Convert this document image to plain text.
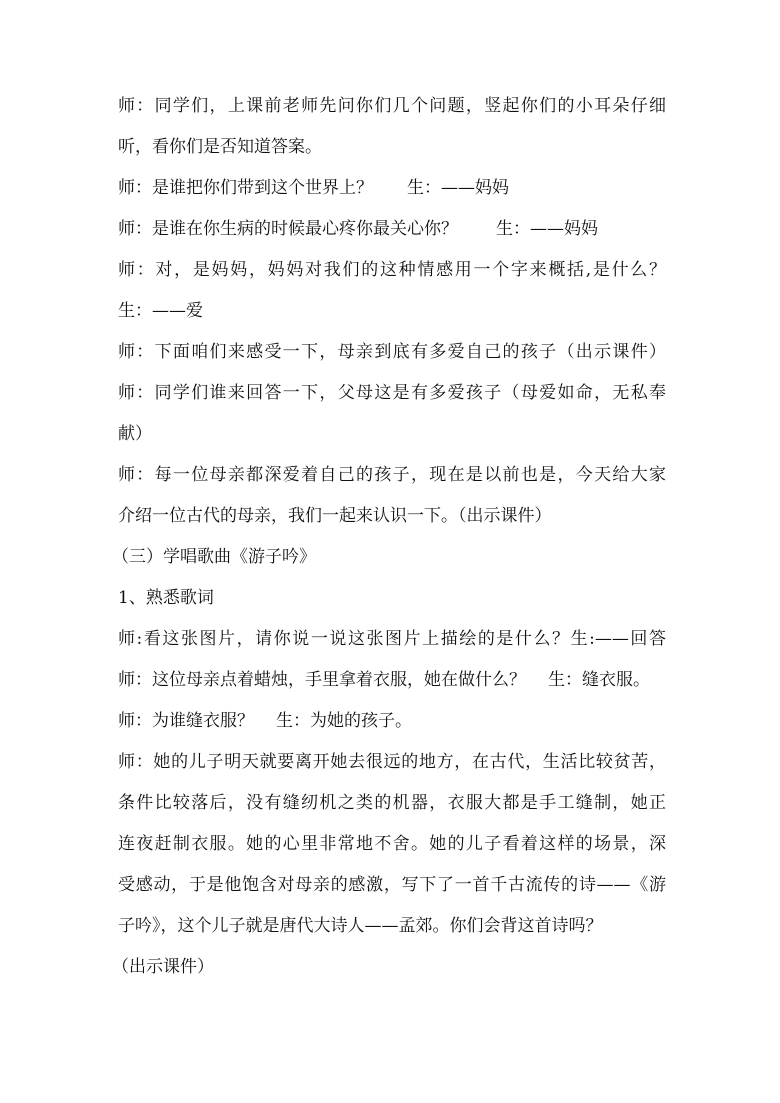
师：同学们，上课前老师先问你们几个问题，竖起你们的小耳朵仔细
听，看你们是否知道答案。
师：是谁把你们带到这个世界上？ 生：——妈妈
师：是谁在你生病的时候最心疼你最关心你？ 生：——妈妈
师：对，是妈妈，妈妈对我们的这种情感用一个字来概括,是什么？
生：——爱
师：下面咱们来感受一下，母亲到底有多爱自己的孩子（出示课件）
师：同学们谁来回答一下，父母这是有多爱孩子（母爱如命，无私奉
献）
师：每一位母亲都深爱着自己的孩子，现在是以前也是，今天给大家
介绍一位古代的母亲，我们一起来认识一下。（出示课件）
（三）学唱歌曲《游子吟》
1、熟悉歌词
师:看这张图片，请你说一说这张图片上描绘的是什么？生:——回答
师：这位母亲点着蜡烛，手里拿着衣服，她在做什么？ 生：缝衣服。
师：为谁缝衣服？ 生：为她的孩子。
师：她的儿子明天就要离开她去很远的地方，在古代，生活比较贫苦，
条件比较落后，没有缝纫机之类的机器，衣服大都是手工缝制，她正
连夜赶制衣服。她的心里非常地不舍。她的儿子看着这样的场景，深
受感动，于是他饱含对母亲的感激，写下了一首千古流传的诗——《游
子吟》，这个儿子就是唐代大诗人——孟郊。你们会背这首诗吗？
（出示课件）
